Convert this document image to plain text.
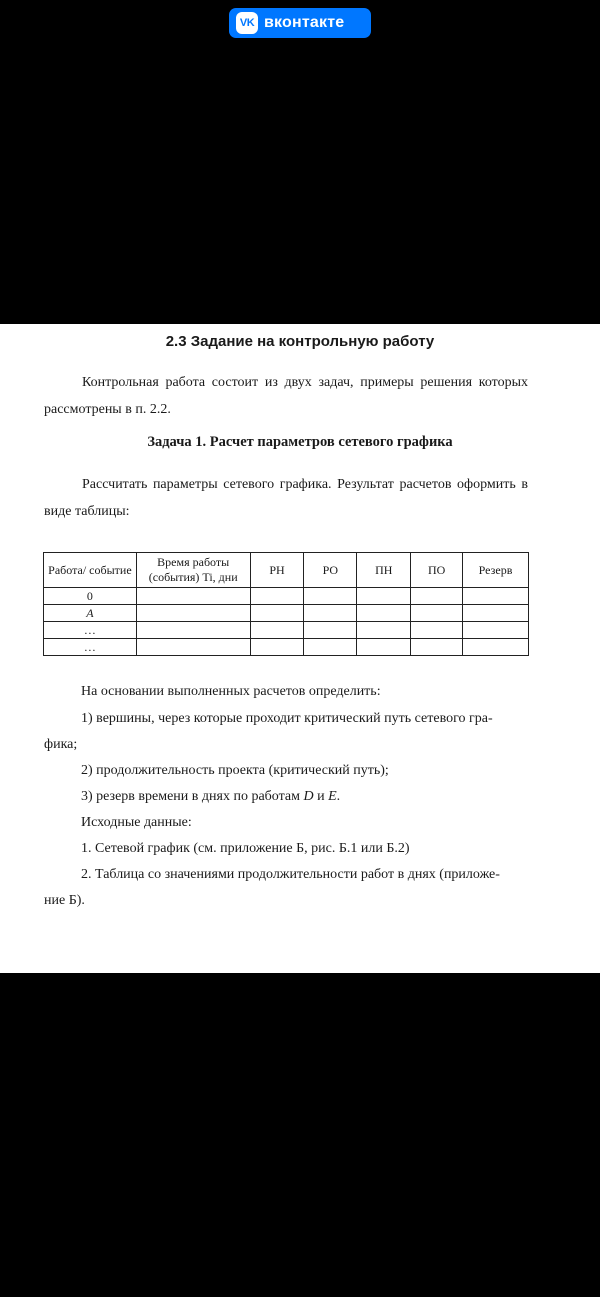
VK вконтакте
2.3 Задание на контрольную работу

Контрольная работа состоит из двух задач, примеры решения которых рассмотрены в п. 2.2.

Задача 1. Расчет параметров сетевого графика

Рассчитать параметры сетевого графика. Результат расчетов оформить в виде таблицы:

Работа/ событие	Время работы (события) Ti, дни	РН	РО	ПН	ПО	Резерв
0						
A						
…						
…						
На основании выполненных расчетов определить:
1) вершины, через которые проходит критический путь сетевого гра-
фика;
2) продолжительность проекта (критический путь);
3) резерв времени в днях по работам D и E.
Исходные данные:
1. Сетевой график (см. приложение Б, рис. Б.1 или Б.2)
2. Таблица со значениями продолжительности работ в днях (приложе-
ние Б).
